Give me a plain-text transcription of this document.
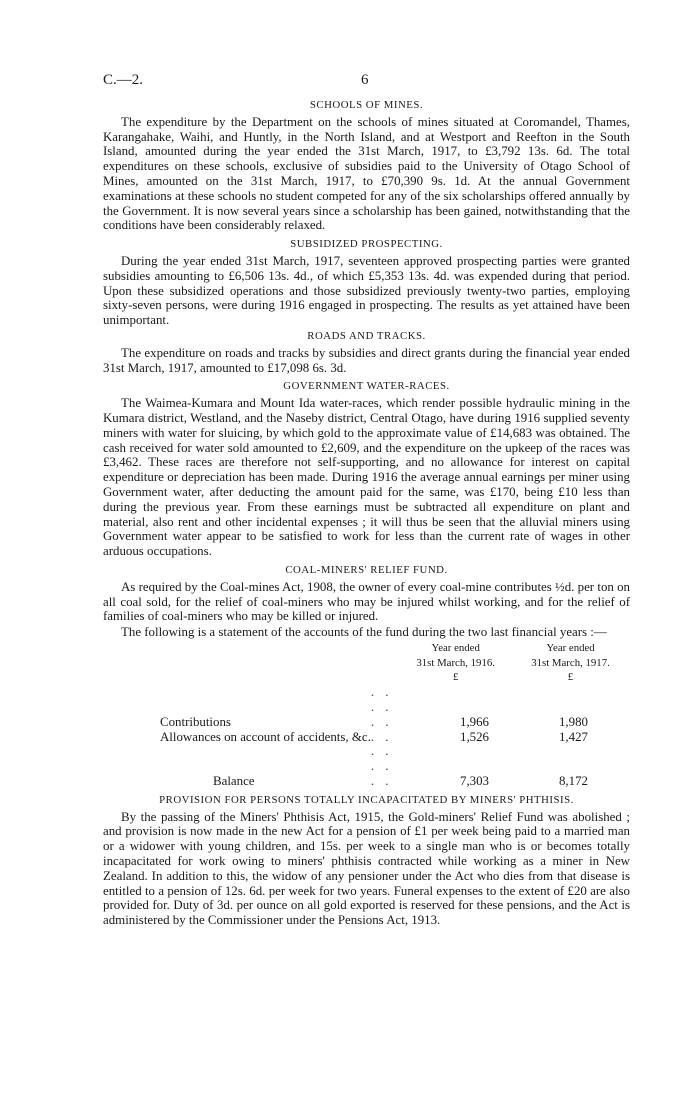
C.—2.	6
SCHOOLS OF MINES.

The expenditure by the Department on the schools of mines situated at Coromandel, Thames, Karangahake, Waihi, and Huntly, in the North Island, and at Westport and Reefton in the South Island, amounted during the year ended the 31st March, 1917, to £3,792 13s. 6d. The total expenditures on these schools, exclusive of subsidies paid to the University of Otago School of Mines, amounted on the 31st March, 1917, to £70,390 9s. 1d. At the annual Government examinations at these schools no student competed for any of the six scholarships offered annually by the Government. It is now several years since a scholarship has been gained, notwithstanding that the conditions have been considerably relaxed.

SUBSIDIZED PROSPECTING.

During the year ended 31st March, 1917, seventeen approved prospecting parties were granted subsidies amounting to £6,506 13s. 4d., of which £5,353 13s. 4d. was expended during that period. Upon these subsidized operations and those subsidized previously twenty-two parties, employing sixty-seven persons, were during 1916 engaged in prospecting. The results as yet attained have been unimportant.

ROADS AND TRACKS.

The expenditure on roads and tracks by subsidies and direct grants during the financial year ended 31st March, 1917, amounted to £17,098 6s. 3d.

GOVERNMENT WATER-RACES.

The Waimea-Kumara and Mount Ida water-races, which render possible hydraulic mining in the Kumara district, Westland, and the Naseby district, Central Otago, have during 1916 supplied seventy miners with water for sluicing, by which gold to the approximate value of £14,683 was obtained. The cash received for water sold amounted to £2,609, and the expenditure on the upkeep of the races was £3,462. These races are therefore not self-supporting, and no allowance for interest on capital expenditure or depreciation has been made. During 1916 the average annual earnings per miner using Government water, after deducting the amount paid for the same, was £170, being £10 less than during the previous year. From these earnings must be subtracted all expenditure on plant and material, also rent and other incidental expenses ; it will thus be seen that the alluvial miners using Government water appear to be satisfied to work for less than the current rate of wages in other arduous occupations.

COAL-MINERS' RELIEF FUND.

As required by the Coal-mines Act, 1908, the owner of every coal-mine contributes ½d. per ton on all coal sold, for the relief of coal-miners who may be injured whilst working, and for the relief of families of coal-miners who may be killed or injured.

The following is a statement of the accounts of the fund during the two last financial years :—

		Year ended	Year ended
		31st March, 1916.	31st March, 1917.
		£	£
Contributions	. . . . . .	1,966	1,980
Allowances on account of accidents, &c.	. .	1,526	1,427
Balance	. . . . . .	7,303	8,172
PROVISION FOR PERSONS TOTALLY INCAPACITATED BY MINERS' PHTHISIS.

By the passing of the Miners' Phthisis Act, 1915, the Gold-miners' Relief Fund was abolished ; and provision is now made in the new Act for a pension of £1 per week being paid to a married man or a widower with young children, and 15s. per week to a single man who is or becomes totally incapacitated for work owing to miners' phthisis contracted while working as a miner in New Zealand. In addition to this, the widow of any pensioner under the Act who dies from that disease is entitled to a pension of 12s. 6d. per week for two years. Funeral expenses to the extent of £20 are also provided for. Duty of 3d. per ounce on all gold exported is reserved for these pensions, and the Act is administered by the Commissioner under the Pensions Act, 1913.
